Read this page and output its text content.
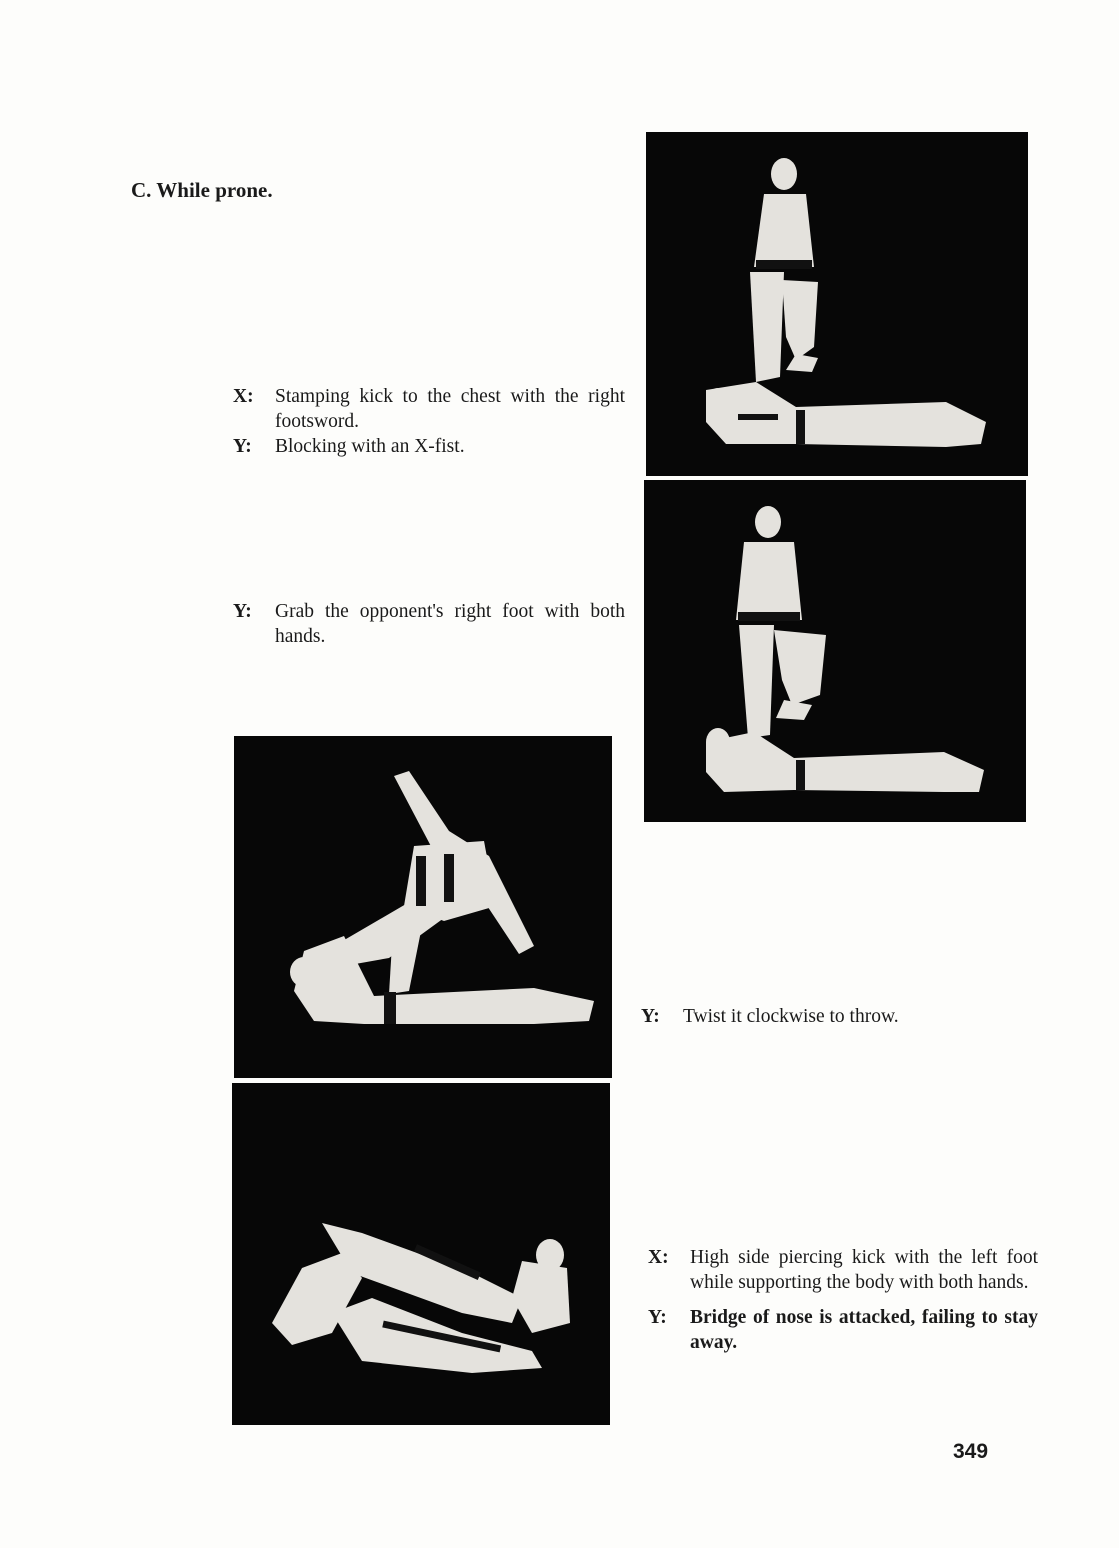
C. While prone.
X:	Stamping kick to the chest with the right footsword.
Y:	Blocking with an X-fist.
Y:	Grab the opponent's right foot with both hands.
Y:	Twist it clockwise to throw.
X:	High side piercing kick with the left foot while supporting the body with both hands.
Y:	Bridge of nose is attacked, failing to stay away.
349
